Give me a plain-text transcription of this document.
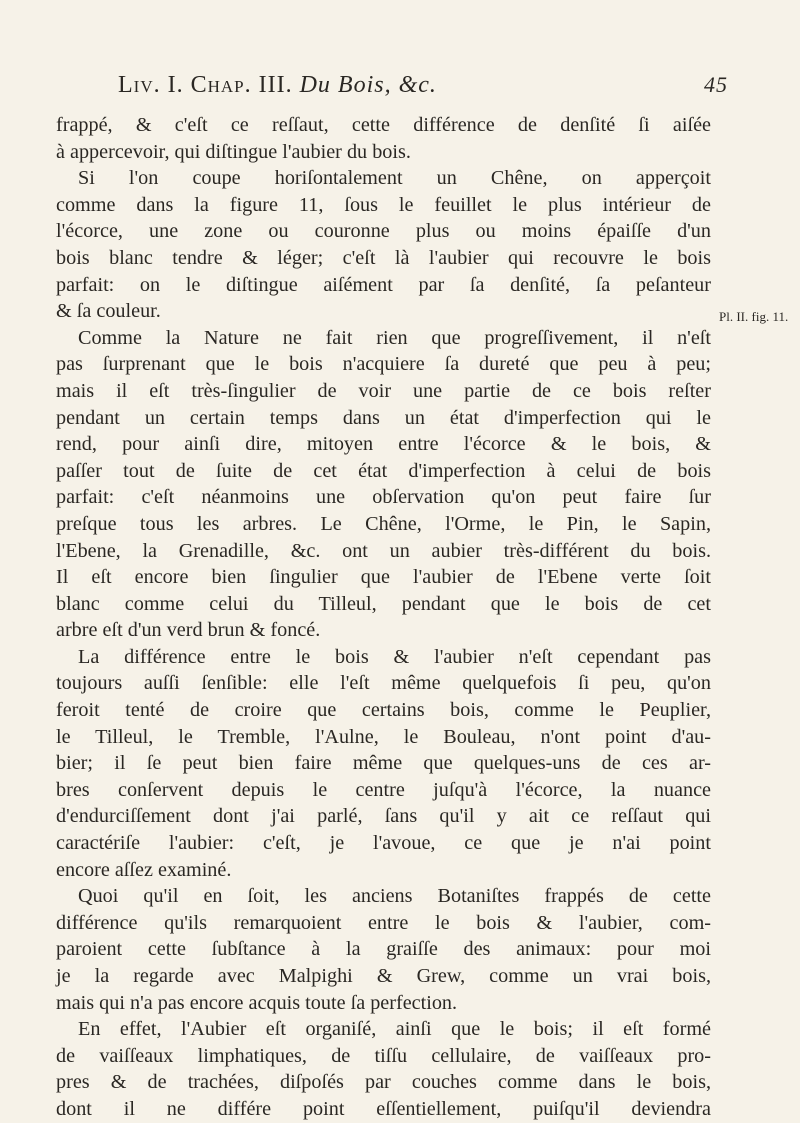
Liv. I. Chap. III. Du Bois, &c.	45
Pl. II. fig. 11.
frappé, & c'eſt ce reſſaut, cette différence de denſité ſi aiſée
à appercevoir, qui diſtingue l'aubier du bois.
Si l'on coupe horiſontalement un Chêne, on apperçoit
comme dans la figure 11, ſous le feuillet le plus intérieur de
l'écorce, une zone ou couronne plus ou moins épaiſſe d'un
bois blanc tendre & léger; c'eſt là l'aubier qui recouvre le bois
parfait: on le diſtingue aiſément par ſa denſité, ſa peſanteur
& ſa couleur.
Comme la Nature ne fait rien que progreſſivement, il n'eſt
pas ſurprenant que le bois n'acquiere ſa dureté que peu à peu;
mais il eſt très-ſingulier de voir une partie de ce bois reſter
pendant un certain temps dans un état d'imperfection qui le
rend, pour ainſi dire, mitoyen entre l'écorce & le bois, &
paſſer tout de ſuite de cet état d'imperfection à celui de bois
parfait: c'eſt néanmoins une obſervation qu'on peut faire ſur
preſque tous les arbres. Le Chêne, l'Orme, le Pin, le Sapin,
l'Ebene, la Grenadille, &c. ont un aubier très-différent du bois.
Il eſt encore bien ſingulier que l'aubier de l'Ebene verte ſoit
blanc comme celui du Tilleul, pendant que le bois de cet
arbre eſt d'un verd brun & foncé.
La différence entre le bois & l'aubier n'eſt cependant pas
toujours auſſi ſenſible: elle l'eſt même quelquefois ſi peu, qu'on
feroit tenté de croire que certains bois, comme le Peuplier,
le Tilleul, le Tremble, l'Aulne, le Bouleau, n'ont point d'au-
bier; il ſe peut bien faire même que quelques-uns de ces ar-
bres conſervent depuis le centre juſqu'à l'écorce, la nuance
d'endurciſſement dont j'ai parlé, ſans qu'il y ait ce reſſaut qui
caractériſe l'aubier: c'eſt, je l'avoue, ce que je n'ai point
encore aſſez examiné.
Quoi qu'il en ſoit, les anciens Botaniſtes frappés de cette
différence qu'ils remarquoient entre le bois & l'aubier, com-
paroient cette ſubſtance à la graiſſe des animaux: pour moi
je la regarde avec Malpighi & Grew, comme un vrai bois,
mais qui n'a pas encore acquis toute ſa perfection.
En effet, l'Aubier eſt organiſé, ainſi que le bois; il eſt formé
de vaiſſeaux limphatiques, de tiſſu cellulaire, de vaiſſeaux pro-
pres & de trachées, diſpoſés par couches comme dans le bois,
dont il ne différe point eſſentiellement, puiſqu'il deviendra
